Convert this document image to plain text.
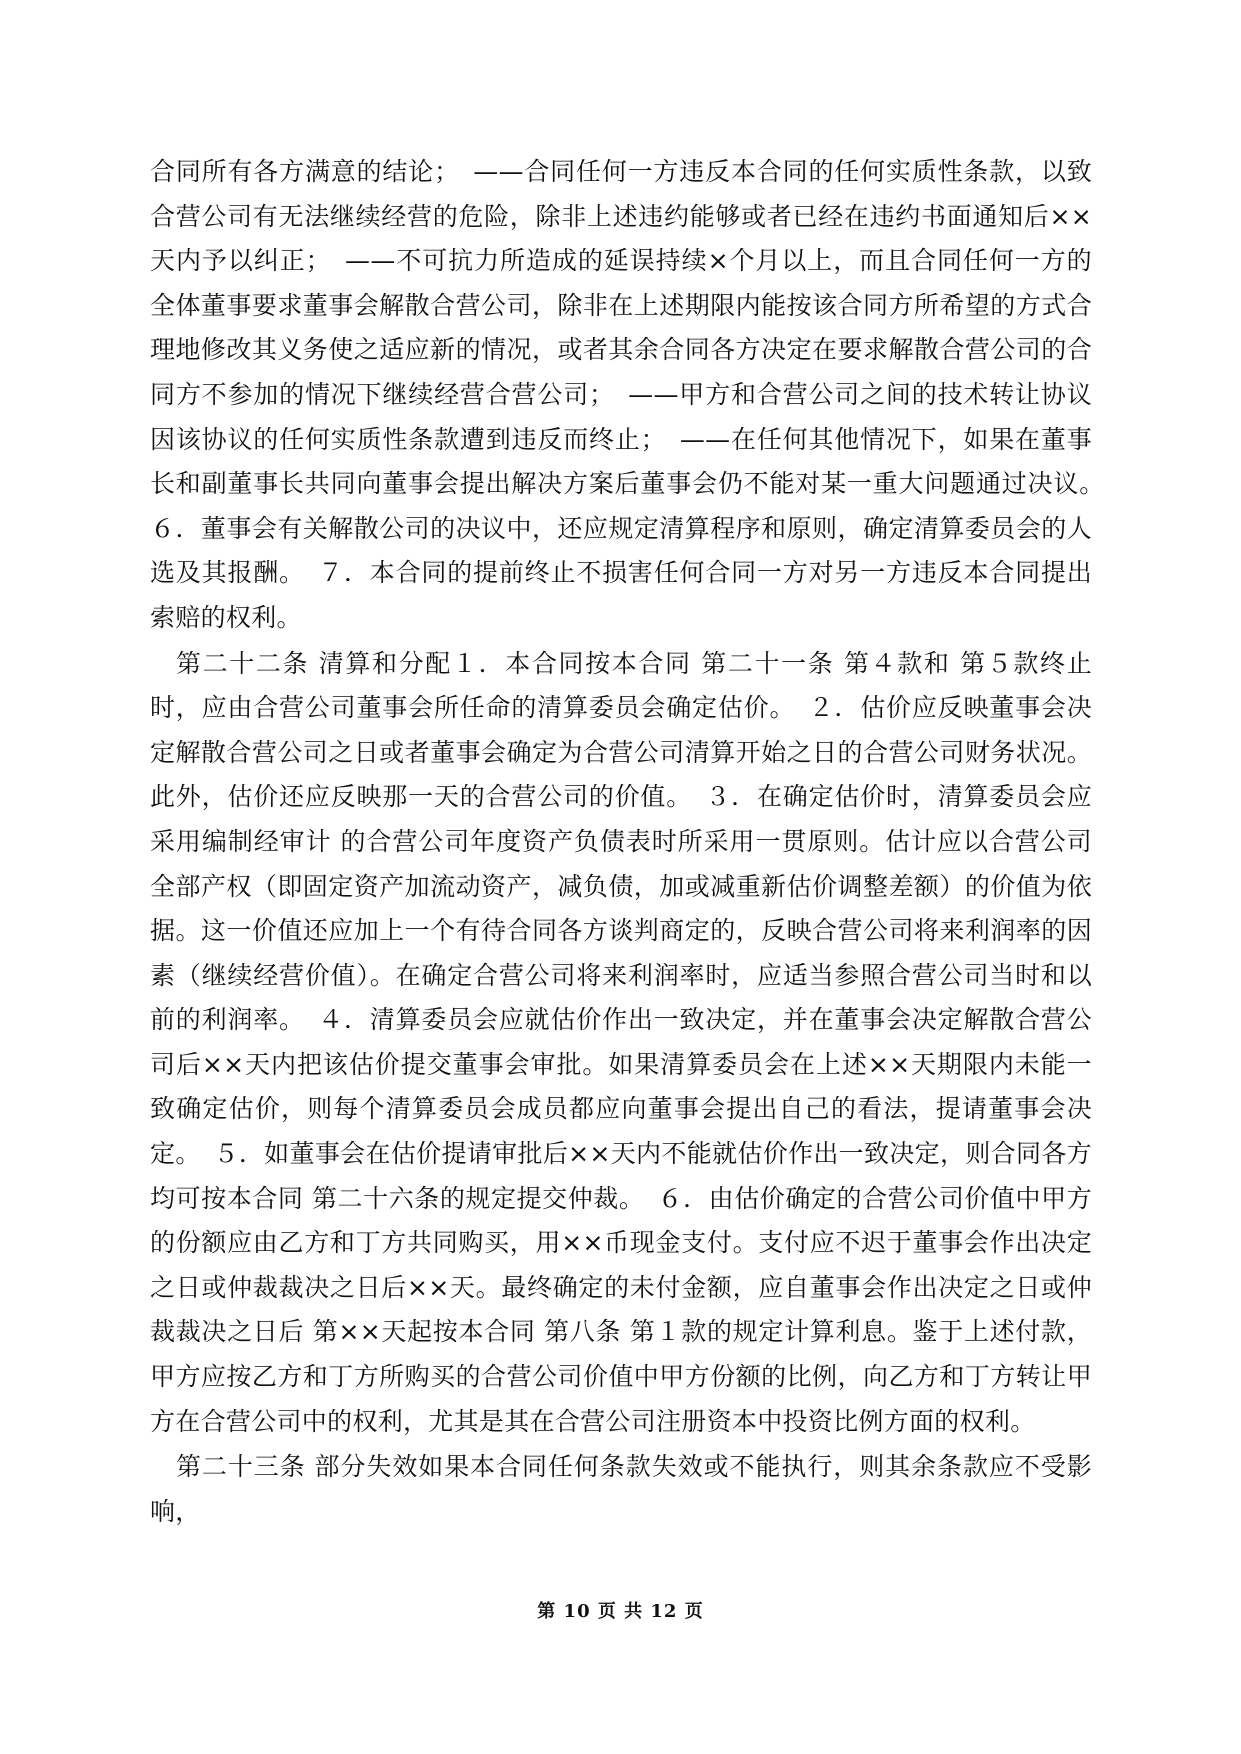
合同所有各方满意的结论；　——合同任何一方违反本合同的任何实质性条款，以致合营公司有无法继续经营的危险，除非上述违约能够或者已经在违约书面通知后××天内予以纠正；　——不可抗力所造成的延误持续×个月以上，而且合同任何一方的全体董事要求董事会解散合营公司，除非在上述期限内能按该合同方所希望的方式合理地修改其义务使之适应新的情况，或者其余合同各方决定在要求解散合营公司的合同方不参加的情况下继续经营合营公司；　——甲方和合营公司之间的技术转让协议因该协议的任何实质性条款遭到违反而终止；　——在任何其他情况下，如果在董事长和副董事长共同向董事会提出解决方案后董事会仍不能对某一重大问题通过决议。　６．董事会有关解散公司的决议中，还应规定清算程序和原则，确定清算委员会的人选及其报酬。　７．本合同的提前终止不损害任何合同一方对另一方违反本合同提出索赔的权利。

第二十二条 清算和分配１．本合同按本合同 第二十一条 第４款和 第５款终止时，应由合营公司董事会所任命的清算委员会确定估价。　２．估价应反映董事会决定解散合营公司之日或者董事会确定为合营公司清算开始之日的合营公司财务状况。此外，估价还应反映那一天的合营公司的价值。　３．在确定估价时，清算委员会应采用编制经审计 的合营公司年度资产负债表时所采用一贯原则。估计应以合营公司全部产权（即固定资产加流动资产，减负债，加或减重新估价调整差额）的价值为依据。这一价值还应加上一个有待合同各方谈判商定的，反映合营公司将来利润率的因素（继续经营价值）。在确定合营公司将来利润率时，应适当参照合营公司当时和以前的利润率。　４．清算委员会应就估价作出一致决定，并在董事会决定解散合营公司后××天内把该估价提交董事会审批。如果清算委员会在上述××天期限内未能一致确定估价，则每个清算委员会成员都应向董事会提出自己的看法，提请董事会决定。　５．如董事会在估价提请审批后××天内不能就估价作出一致决定，则合同各方均可按本合同 第二十六条的规定提交仲裁。　６．由估价确定的合营公司价值中甲方的份额应由乙方和丁方共同购买，用××币现金支付。支付应不迟于董事会作出决定之日或仲裁裁决之日后××天。最终确定的未付金额，应自董事会作出决定之日或仲裁裁决之日后 第××天起按本合同 第八条 第１款的规定计算利息。鉴于上述付款，甲方应按乙方和丁方所购买的合营公司价值中甲方份额的比例，向乙方和丁方转让甲方在合营公司中的权利，尤其是其在合营公司注册资本中投资比例方面的权利。

第二十三条 部分失效如果本合同任何条款失效或不能执行，则其余条款应不受影响，

第 10 页 共 12 页
